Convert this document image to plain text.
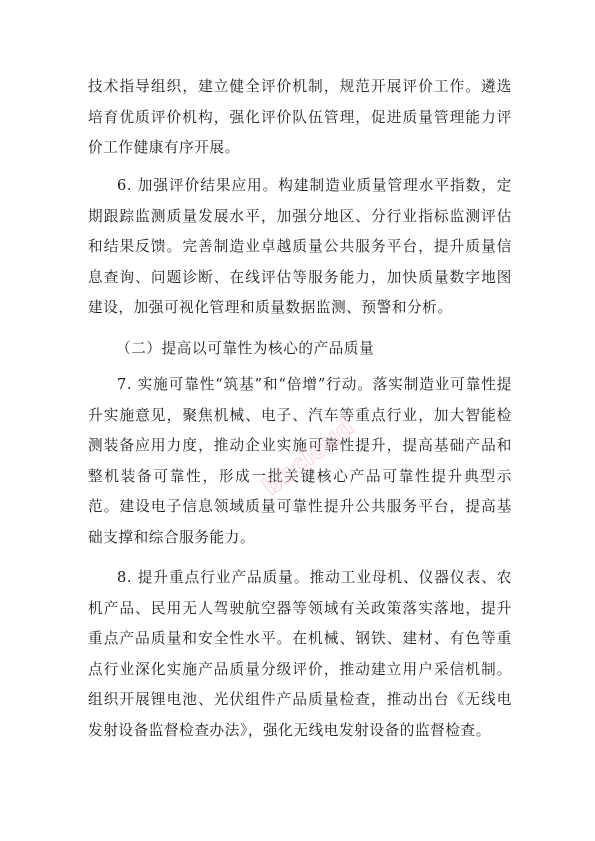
技术指导组织，建立健全评价机制，规范开展评价工作。遴选培育优质评价机构，强化评价队伍管理，促进质量管理能力评价工作健康有序开展。

6. 加强评价结果应用。构建制造业质量管理水平指数，定期跟踪监测质量发展水平，加强分地区、分行业指标监测评估和结果反馈。完善制造业卓越质量公共服务平台，提升质量信息查询、问题诊断、在线评估等服务能力，加快质量数字地图建设，加强可视化管理和质量数据监测、预警和分析。

（二）提高以可靠性为核心的产品质量

7. 实施可靠性“筑基”和“倍增”行动。落实制造业可靠性提升实施意见，聚焦机械、电子、汽车等重点行业，加大智能检测装备应用力度，推动企业实施可靠性提升，提高基础产品和整机装备可靠性，形成一批关键核心产品可靠性提升典型示范。建设电子信息领域质量可靠性提升公共服务平台，提高基础支撑和综合服务能力。

8. 提升重点行业产品质量。推动工业母机、仪器仪表、农机产品、民用无人驾驶航空器等领域有关政策落实落地，提升重点产品质量和安全性水平。在机械、钢铁、建材、有色等重点行业深化实施产品质量分级评价，推动建立用户采信机制。组织开展锂电池、光伏组件产品质量检查，推动出台《无线电发射设备监督检查办法》，强化无线电发射设备的监督检查。

bbcloud
